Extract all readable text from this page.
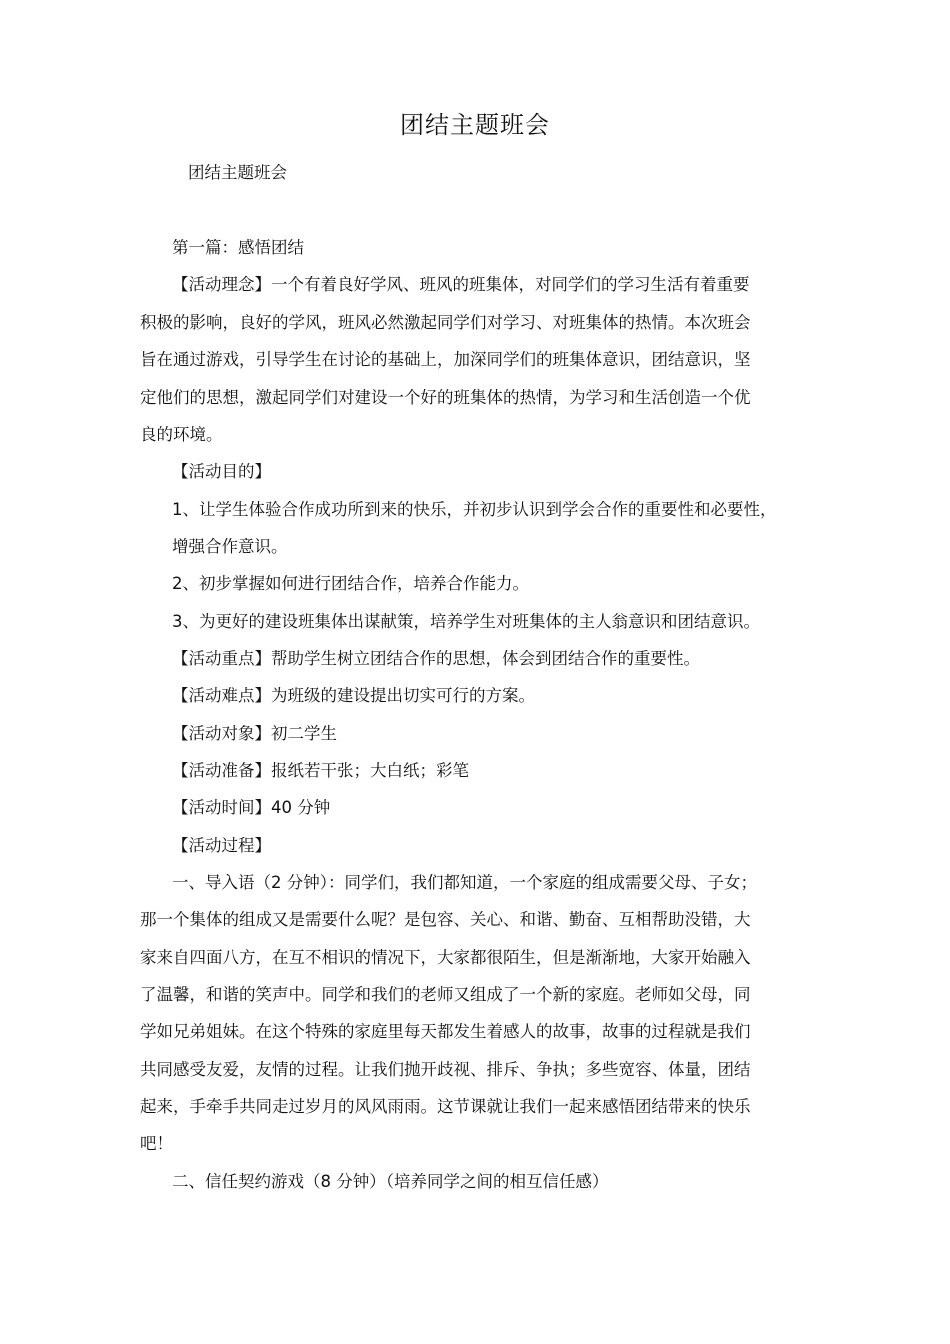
团结主题班会
团结主题班会
第一篇：感悟团结
【活动理念】一个有着良好学风、班风的班集体，对同学们的学习生活有着重要
积极的影响，良好的学风，班风必然激起同学们对学习、对班集体的热情。本次班会
旨在通过游戏，引导学生在讨论的基础上，加深同学们的班集体意识，团结意识，坚
定他们的思想，激起同学们对建设一个好的班集体的热情，为学习和生活创造一个优
良的环境。
【活动目的】
1、让学生体验合作成功所到来的快乐，并初步认识到学会合作的重要性和必要性，
增强合作意识。
2、初步掌握如何进行团结合作，培养合作能力。
3、为更好的建设班集体出谋献策，培养学生对班集体的主人翁意识和团结意识。
【活动重点】帮助学生树立团结合作的思想，体会到团结合作的重要性。
【活动难点】为班级的建设提出切实可行的方案。
【活动对象】初二学生
【活动准备】报纸若干张；大白纸；彩笔
【活动时间】40 分钟
【活动过程】
一、导入语（2 分钟）：同学们，我们都知道，一个家庭的组成需要父母、子女；
那一个集体的组成又是需要什么呢？是包容、关心、和谐、勤奋、互相帮助没错，大
家来自四面八方，在互不相识的情况下，大家都很陌生，但是渐渐地，大家开始融入
了温馨，和谐的笑声中。同学和我们的老师又组成了一个新的家庭。老师如父母，同
学如兄弟姐妹。在这个特殊的家庭里每天都发生着感人的故事，故事的过程就是我们
共同感受友爱，友情的过程。让我们抛开歧视、排斥、争执；多些宽容、体量，团结
起来，手牵手共同走过岁月的风风雨雨。这节课就让我们一起来感悟团结带来的快乐
吧！
二、信任契约游戏（8 分钟）（培养同学之间的相互信任感）
